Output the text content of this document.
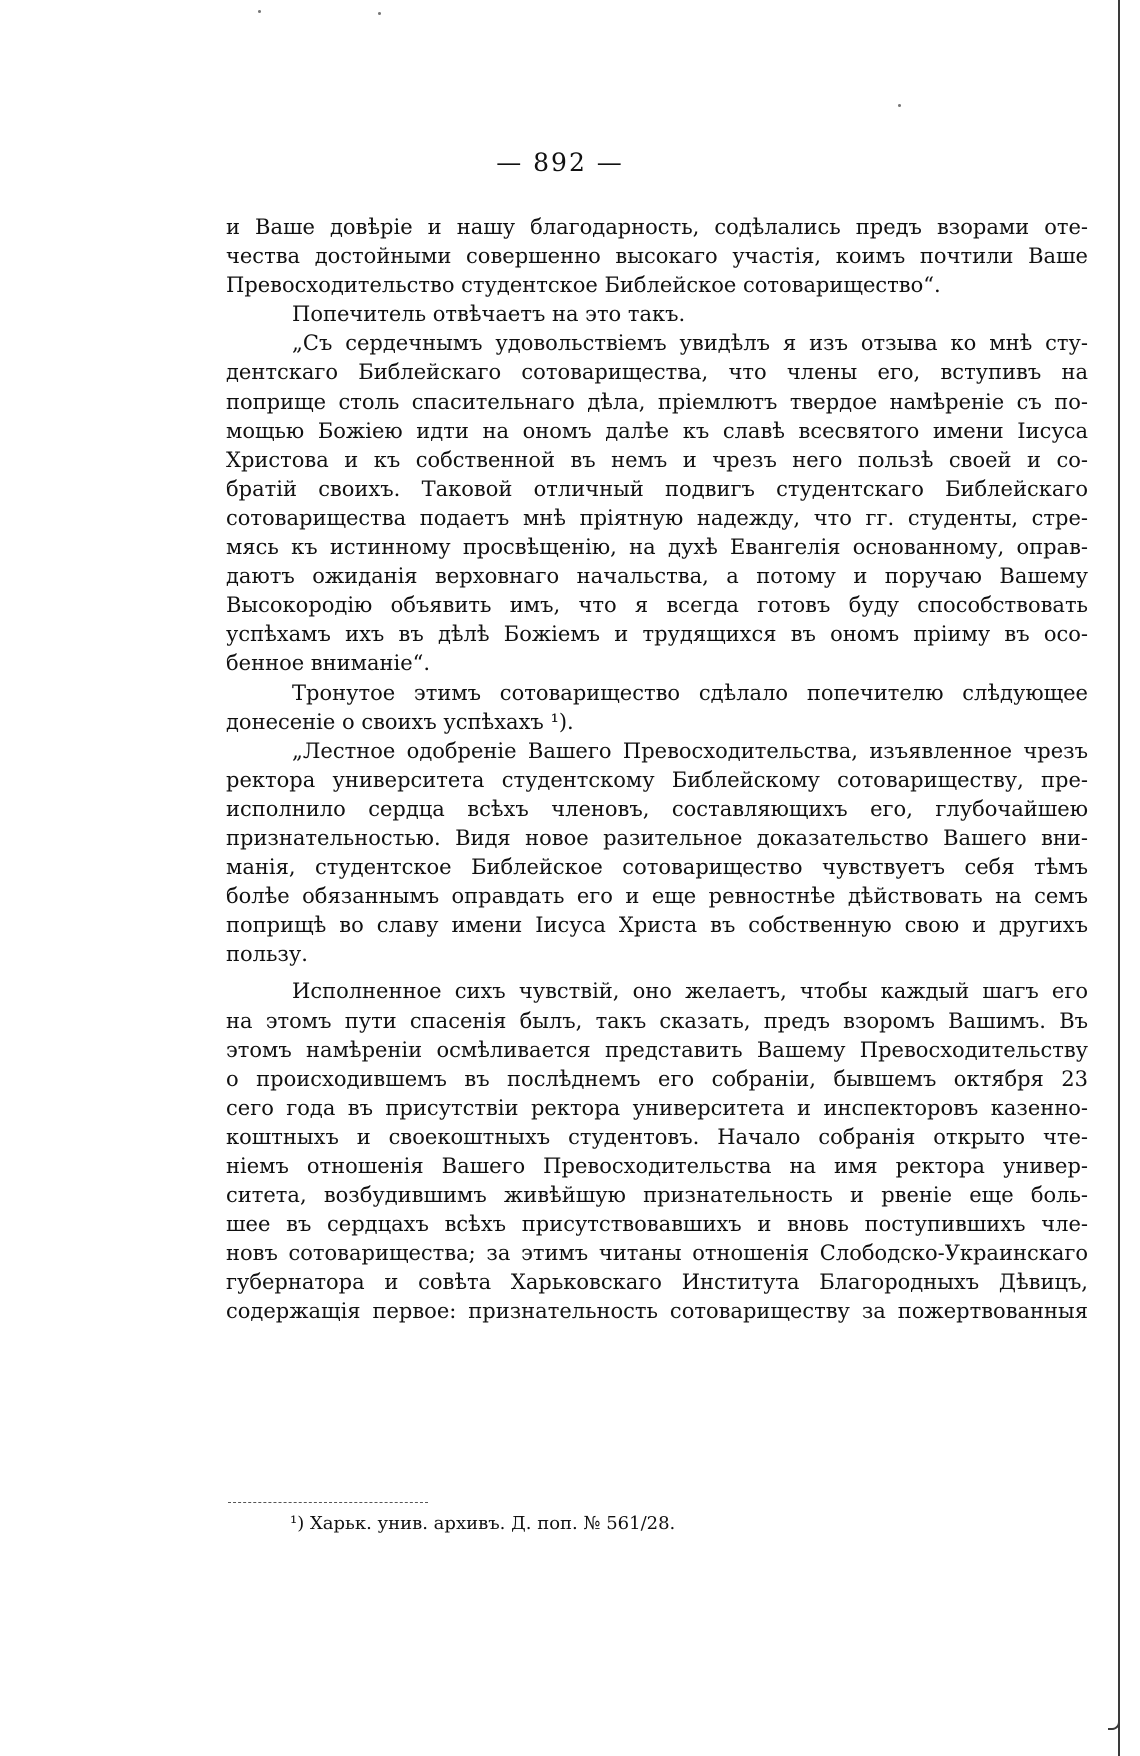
— 892 —
и Ваше довѣріе и нашу благодарность, содѣлались предъ взорами оте-
чества достойными совершеннo высокаго участія, коимъ почтили Ваше
Превосходительство студентское Библейское сотоварищество“.
Попечитель отвѣчаетъ на это такъ.
„Съ сердечнымъ удовольствіемъ увидѣлъ я изъ отзыва ко мнѣ сту-
дентскаго Библейскаго сотоварищества, что члены его, вступивъ на
поприще столь спасительнаго дѣла, пріемлютъ твердое намѣреніе съ по-
мощью Божіею идти на ономъ далѣе къ славѣ всесвятого имени Іисуса
Христова и къ собственной въ немъ и чрезъ него пользѣ своей и со-
братій своихъ. Таковой отличный подвигъ студентскаго Библейскаго
сотоварищества подаетъ мнѣ пріятную надежду, что гг. студенты, стре-
мясь къ истинному просвѣщенію, на духѣ Евангелія основанному, оправ-
даютъ ожиданія верховнаго начальства, а потому и поручаю Вашему
Высокородію объявить имъ, что я всегда готовъ буду способствовать
успѣхамъ ихъ въ дѣлѣ Божіемъ и трудящихся въ ономъ пріиму въ осо-
бенное вниманіе“.
Тронутое этимъ сотоварищество сдѣлало попечителю слѣдующее
донесеніе о своихъ успѣхахъ ¹).
„Лестное одобреніе Вашего Превосходительства, изъявленное чрезъ
ректора университета студентскому Библейскому сотовариществу, пре-
исполнило сердца всѣхъ членовъ, составляющихъ его, глубочайшею
признательностью. Видя новое разительное доказательство Вашего вни-
манія, студентское Библейское сотоварищество чувствуетъ себя тѣмъ
болѣе обязаннымъ оправдать его и еще ревностнѣе дѣйствовать на семъ
поприщѣ во славу имени Іисуса Христа въ собственную свою и другихъ
пользу.
Исполненное сихъ чувствій, оно желаетъ, чтобы каждый шагъ его
на этомъ пути спасенія былъ, такъ сказать, предъ взоромъ Вашимъ. Въ
этомъ намѣреніи осмѣливается представить Вашему Превосходительству
о происходившемъ въ послѣднемъ его собраніи, бывшемъ октября 23
сего года въ присутствіи ректора университета и инспекторовъ казенно-
коштныхъ и своекоштныхъ студентовъ. Начало собранія открыто чте-
ніемъ отношенія Вашего Превосходительства на имя ректора универ-
ситета, возбудившимъ живѣйшую признательность и рвеніе еще боль-
шее въ сердцахъ всѣхъ присутствовавшихъ и вновь поступившихъ чле-
новъ сотоварищества; за этимъ читаны отношенія Слободско-Украинскаго
губернатора и совѣта Харьковскаго Института Благородныхъ Дѣвицъ,
содержащія первое: признательность сотовариществу за пожертвованныя
¹) Харьк. унив. архивъ. Д. поп. № 561/28.
